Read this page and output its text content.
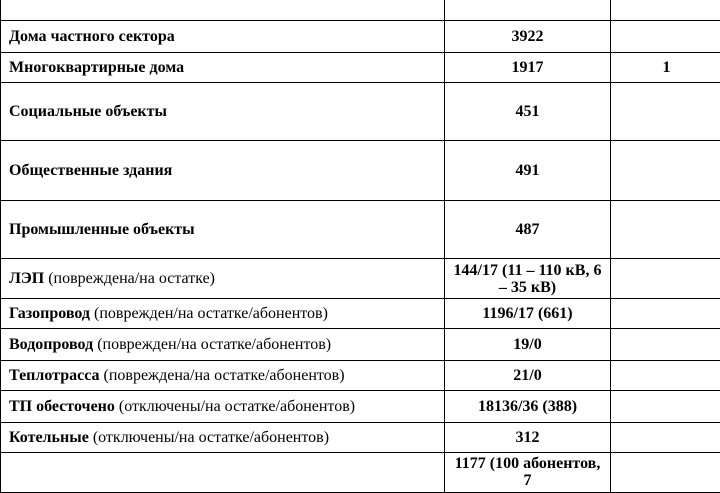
Дома частного сектора	3922	
Многоквартирные дома	1917	1
Социальные объекты	451	
Общественные здания	491	
Промышленные объекты	487	
ЛЭП (повреждена/на остатке)	144/17 (11 – 110 кВ, 6 – 35 кВ)	
Газопровод (поврежден/на остатке/абонентов)	1196/17 (661)	
Водопровод (поврежден/на остатке/абонентов)	19/0	
Теплотрасса (повреждена/на остатке/абонентов)	21/0	
ТП обесточено (отключены/на остатке/абонентов)	18136/36 (388)	
Котельные (отключены/на остатке/абонентов)	312	
	1177 (100 абонентов, 7	
